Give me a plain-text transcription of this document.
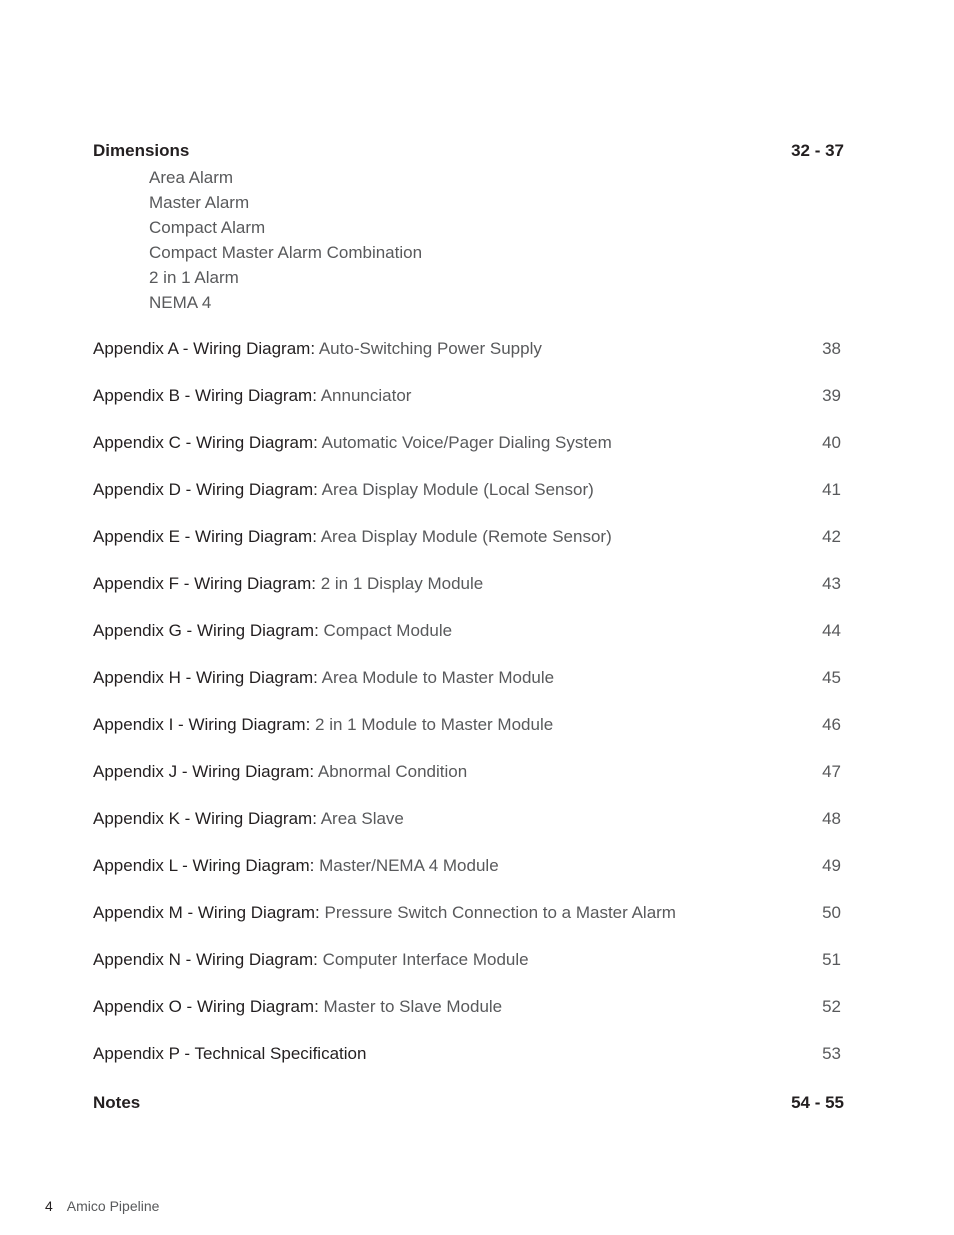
Dimensions	32 - 37
Area Alarm
Master Alarm
Compact Alarm
Compact Master Alarm Combination
2 in 1 Alarm
NEMA 4
Appendix A - Wiring Diagram: Auto-Switching Power Supply	38
Appendix B - Wiring Diagram: Annunciator	39
Appendix C - Wiring Diagram: Automatic Voice/Pager Dialing System	40
Appendix D - Wiring Diagram: Area Display Module (Local Sensor)	41
Appendix E - Wiring Diagram: Area Display Module (Remote Sensor)	42
Appendix F - Wiring Diagram: 2 in 1 Display Module	43
Appendix G - Wiring Diagram: Compact Module	44
Appendix H - Wiring Diagram: Area Module to Master Module	45
Appendix I - Wiring Diagram: 2 in 1 Module to Master Module	46
Appendix J - Wiring Diagram: Abnormal Condition	47
Appendix K - Wiring Diagram: Area Slave	48
Appendix L - Wiring Diagram: Master/NEMA 4 Module	49
Appendix M - Wiring Diagram: Pressure Switch Connection to a Master Alarm	50
Appendix N - Wiring Diagram: Computer Interface Module	51
Appendix O - Wiring Diagram: Master to Slave Module	52
Appendix P - Technical Specification	53
Notes	54 - 55
4 Amico Pipeline
